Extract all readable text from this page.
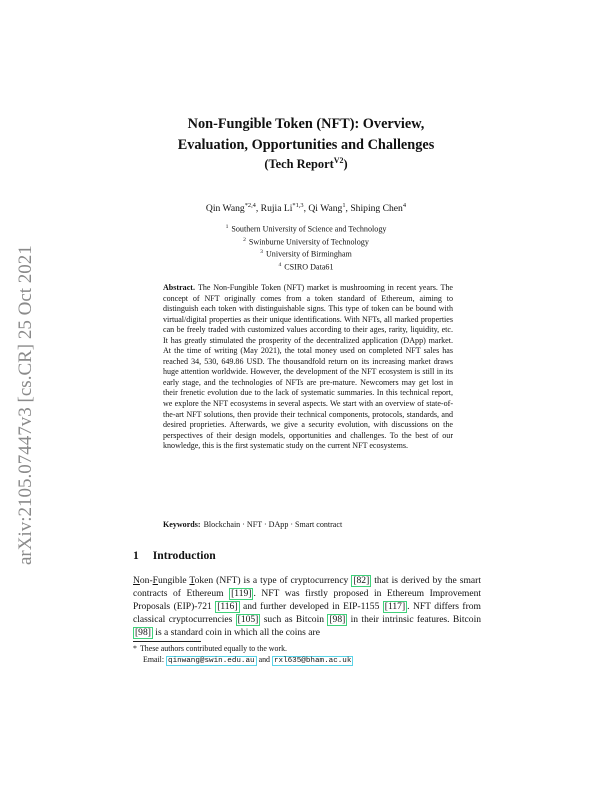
arXiv:2105.07447v3 [cs.CR] 25 Oct 2021
Non-Fungible Token (NFT): Overview,
Evaluation, Opportunities and Challenges
(Tech Report$^{V2}$)
Qin Wang$^{*2,4}$, Rujia Li$^{*1,3}$, Qi Wang$^1$, Shiping Chen$^4$
$^1$ Southern University of Science and Technology
$^2$ Swinburne University of Technology
$^3$ University of Birmingham
$^4$ CSIRO Data61
Abstract. The Non-Fungible Token (NFT) market is mushrooming in recent years. The concept of NFT originally comes from a token standard of Ethereum, aiming to distinguish each token with distinguishable signs. This type of token can be bound with virtual/digital properties as their unique identifications. With NFTs, all marked properties can be freely traded with customized values according to their ages, rarity, liquidity, etc. It has greatly stimulated the prosperity of the decentralized application (DApp) market. At the time of writing (May 2021), the total money used on completed NFT sales has reached 34, 530, 649.86 USD. The thousandfold return on its increasing market draws huge attention worldwide. However, the development of the NFT ecosystem is still in its early stage, and the technologies of NFTs are pre-mature. Newcomers may get lost in their frenetic evolution due to the lack of systematic summaries. In this technical report, we explore the NFT ecosystems in several aspects. We start with an overview of state-of-the-art NFT solutions, then provide their technical components, protocols, standards, and desired proprieties. Afterwards, we give a security evolution, with discussions on the perspectives of their design models, opportunities and challenges. To the best of our knowledge, this is the first systematic study on the current NFT ecosystems.
Keywords: Blockchain · NFT · DApp · Smart contract
1 Introduction
Non-Fungible Token (NFT) is a type of cryptocurrency [82] that is derived by the smart contracts of Ethereum [119] . NFT was firstly proposed in Ethereum Improvement Proposals (EIP)-721 [116] and further developed in EIP-1155 [117] . NFT differs from classical cryptocurrencies [105] such as Bitcoin [98] in their intrinsic features. Bitcoin [98] is a standard coin in which all the coins are
* These authors contributed equally to the work.
Email: qinwang@swin.edu.au and rxl635@bham.ac.uk
